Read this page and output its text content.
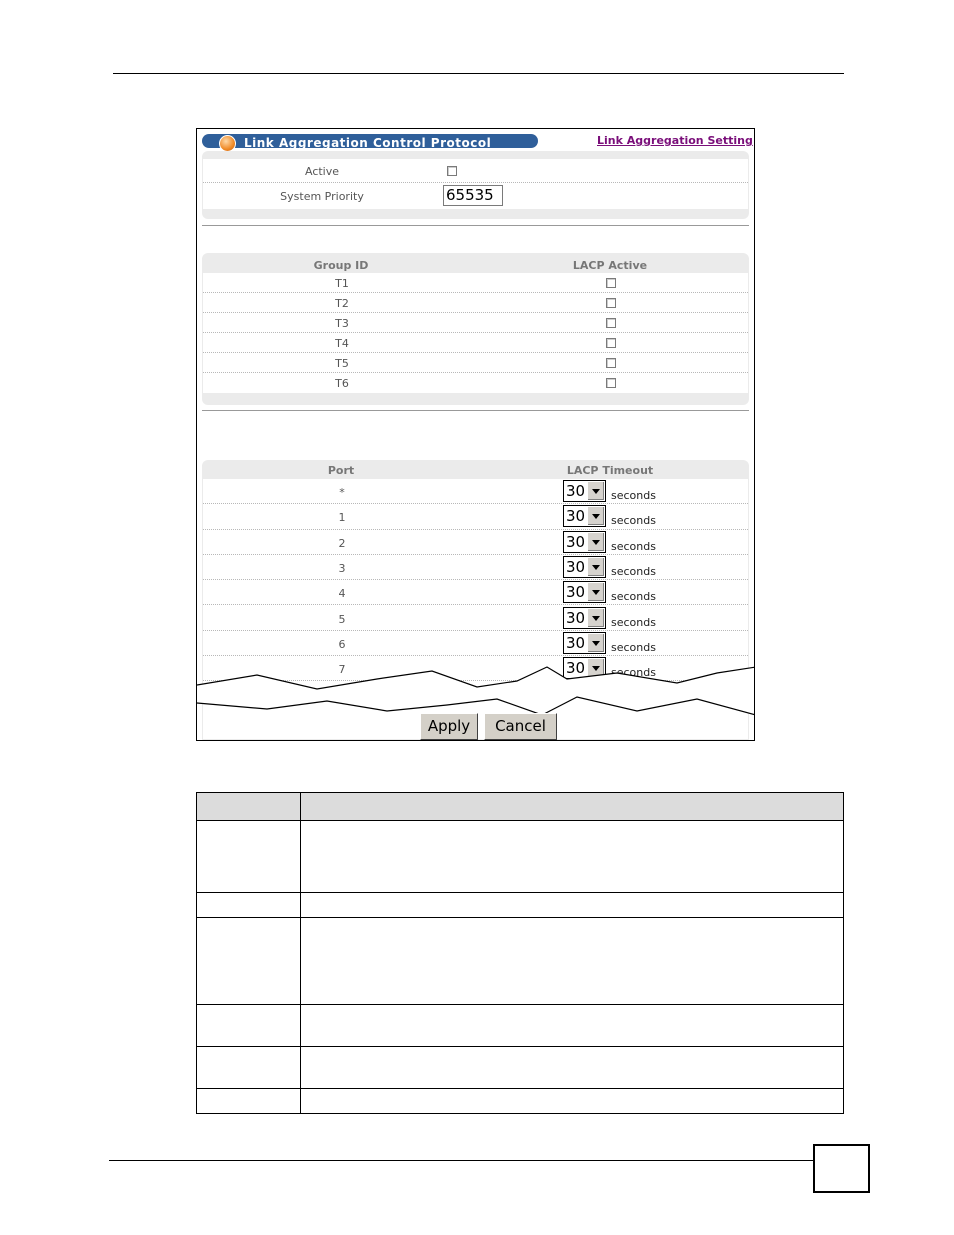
Link Aggregation Control Protocol	Link Aggregation Setting
Active
System Priority	65535
Group ID	LACP Active
T1
T2
T3
T4
T5
T6
Port	LACP Timeout
*	30 seconds
1	30 seconds
2	30 seconds
3	30 seconds
4	30 seconds
5	30 seconds
6	30 seconds
7	30 seconds
Apply	Cancel
